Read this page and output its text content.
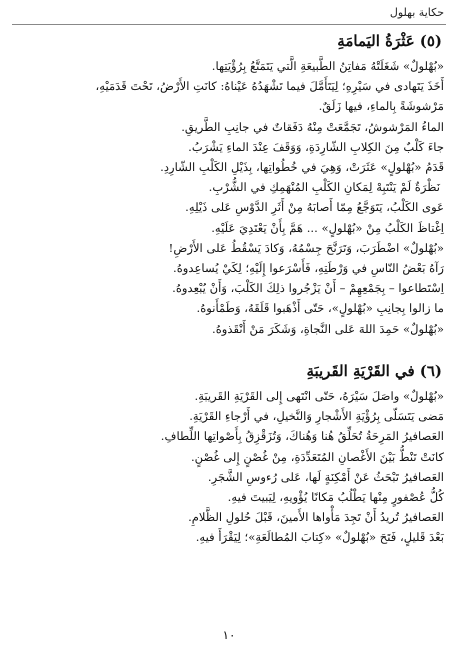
حكاية بهلول
(٥)
عَثْرَةُ اليَمامَةِ

«بُهْلولٌ» شَغَلَتْهُ مَفاتِنُ الطَّبيعَةِ الَّتي يَتَمَتَّعُ بِرُؤْيَتِها.

أَخَذَ يَتَهادى في سَيْرِهِ؛ لِيَتَأَمَّلَ فيما تَشْهَدُهُ عَيْناهُ: كانَتِ الأَرْضُ، تَحْتَ قَدَمَيْهِ،

مَرْشوشَةً بِالماءِ، فيها زَلَقٌ.

الماءُ المَرْشوشُ، تَجَمَّعَتْ مِنْهُ دَفَقاتٌ في جانِبِ الطَّريقِ.

جاءَ كَلْبٌ مِنَ الكِلابِ الشّارِدَةِ، وَوَقَفَ عِنْدَ الماءِ يَشْرَبُ.

قَدَمُ «بُهْلولٍ» عَثَرَتْ، وَهِيَ في خُطُواتِها، بِذَيْلِ الكَلْبِ الشّارِدِ.

نَظْرَةٌ لَمْ يَنْتَبِهْ لِمَكانِ الكَلْبِ المُنْهَمِكِ في الشُّرْبِ.

عَوى الكَلْبُ، يَتَوَجَّعُ مِمّا أَصابَهُ مِنْ أَثَرِ الدَّوْسِ عَلى ذَيْلِهِ.

اِغْتاظَ الكَلْبُ مِنْ «بُهْلولٍ» ... هَمَّ بِأَنْ يَعْتَدِيَ عَلَيْهِ.

«بُهْلولٌ» اضْطَرَبَ، وَتَرَنَّحَ جِسْمُهُ، وَكادَ يَسْقُطُ عَلى الأَرْضِ!

رَآهُ بَعْضُ النّاسِ في وَرْطَتِهِ، فَأَسْرَعوا إِلَيْهِ؛ لِكَيْ يُساعِدوهُ.

اِسْتَطاعوا – بِجَمْعِهِمْ – أَنْ يَزْجُروا ذلِكَ الكَلْبَ، وَأَنْ يُبْعِدوهُ.

ما زالوا بِجانِبِ «بُهْلولٍ»، حَتّى أَذْهَبوا قَلَقَهُ، وَطَمْأَنوهُ.

«بُهْلولٌ» حَمِدَ اللهَ عَلى النَّجاةِ، وَشَكَرَ مَنْ أَنْقَذوهُ.

(٦)
في القَرْيَةِ القَريبَةِ

«بُهْلولٌ» واصَلَ سَيْرَهُ، حَتّى انْتَهى إِلى القَرْيَةِ القَريبَةِ.

مَضى يَتَسَلّى بِرُؤْيَةِ الأَشْجارِ وَالنَّخيلِ، في أَرْجاءِ القَرْيَةِ.

العَصافيرُ المَرِحَةُ تُحَلِّقُ هُنا وَهُناكَ، وَتُزَقْزِقُ بِأَصْواتِها اللِّطافِ.

كانَتْ تَنْطُّ بَيْنَ الأَغْصانِ المُتَعَدِّدَةِ، مِنْ غُصْنٍ إِلى غُصْنٍ.

العَصافيرُ تَبْحَثُ عَنْ أَمْكِنَةٍ لَها، عَلى رُءوسِ الشَّجَرِ.

كُلُّ عُصْفورٍ مِنْها يَطْلُبُ مَكانًا يُؤْويهِ، لِيَبيتَ فيهِ.

العَصافيرُ تُريدُ أَنْ تَجِدَ مَأْواها الأَمينَ، قَبْلَ حُلولِ الظَّلامِ.

بَعْدَ قَليلٍ، فَتَحَ «بُهْلولٌ» «كِتابَ المُطالَعَةِ»؛ لِيَقْرَأَ فيهِ.

١٠
